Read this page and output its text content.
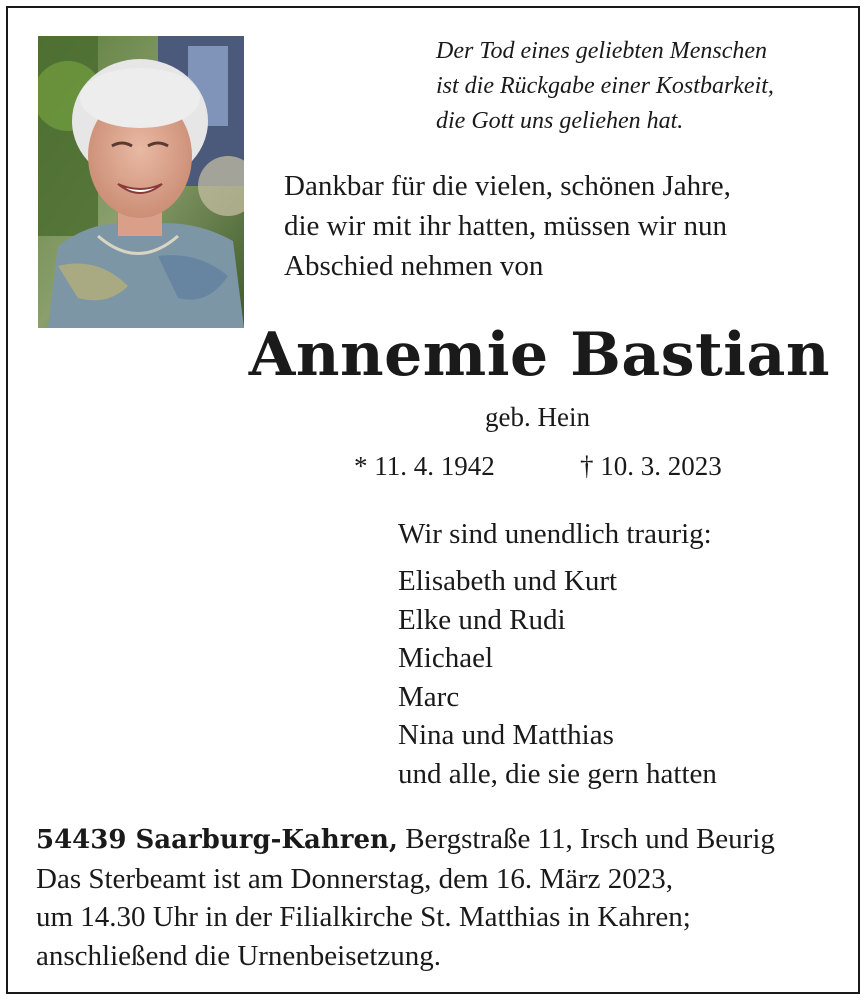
Der Tod eines geliebten Menschen
ist die Rückgabe einer Kostbarkeit,
die Gott uns geliehen hat.
Dankbar für die vielen, schönen Jahre,
die wir mit ihr hatten, müssen wir nun
Abschied nehmen von
Annemie Bastian
geb. Hein
* 11. 4. 1942	† 10. 3. 2023
Wir sind unendlich traurig:
Elisabeth und Kurt
Elke und Rudi
Michael
Marc
Nina und Matthias
und alle, die sie gern hatten
54439 Saarburg-Kahren, Bergstraße 11, Irsch und Beurig
Das Sterbeamt ist am Donnerstag, dem 16. März 2023,
um 14.30 Uhr in der Filialkirche St. Matthias in Kahren;
anschließend die Urnenbeisetzung.
